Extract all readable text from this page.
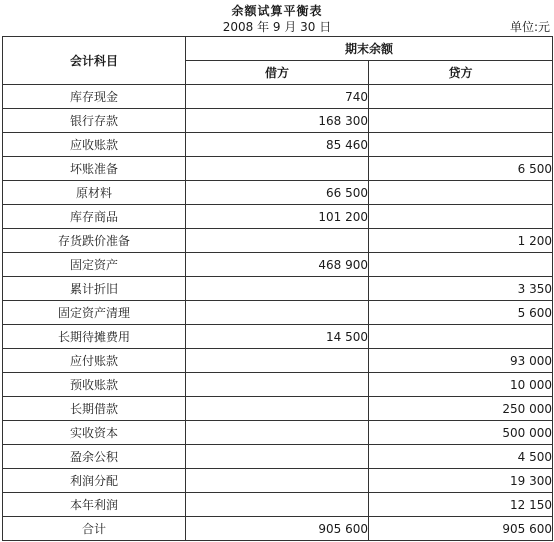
余额试算平衡表
2008 年 9 月 30 日	单位:元
会计科目	期末余额	
	借方	贷方
库存现金	740	
银行存款	168 300	
应收账款	85 460	
坏账准备		6 500
原材料	66 500	
库存商品	101 200	
存货跌价准备		1 200
固定资产	468 900	
累计折旧		3 350
固定资产清理		5 600
长期待摊费用	14 500	
应付账款		93 000
预收账款		10 000
长期借款		250 000
实收资本		500 000
盈余公积		4 500
利润分配		19 300
本年利润		12 150
合计	905 600	905 600
